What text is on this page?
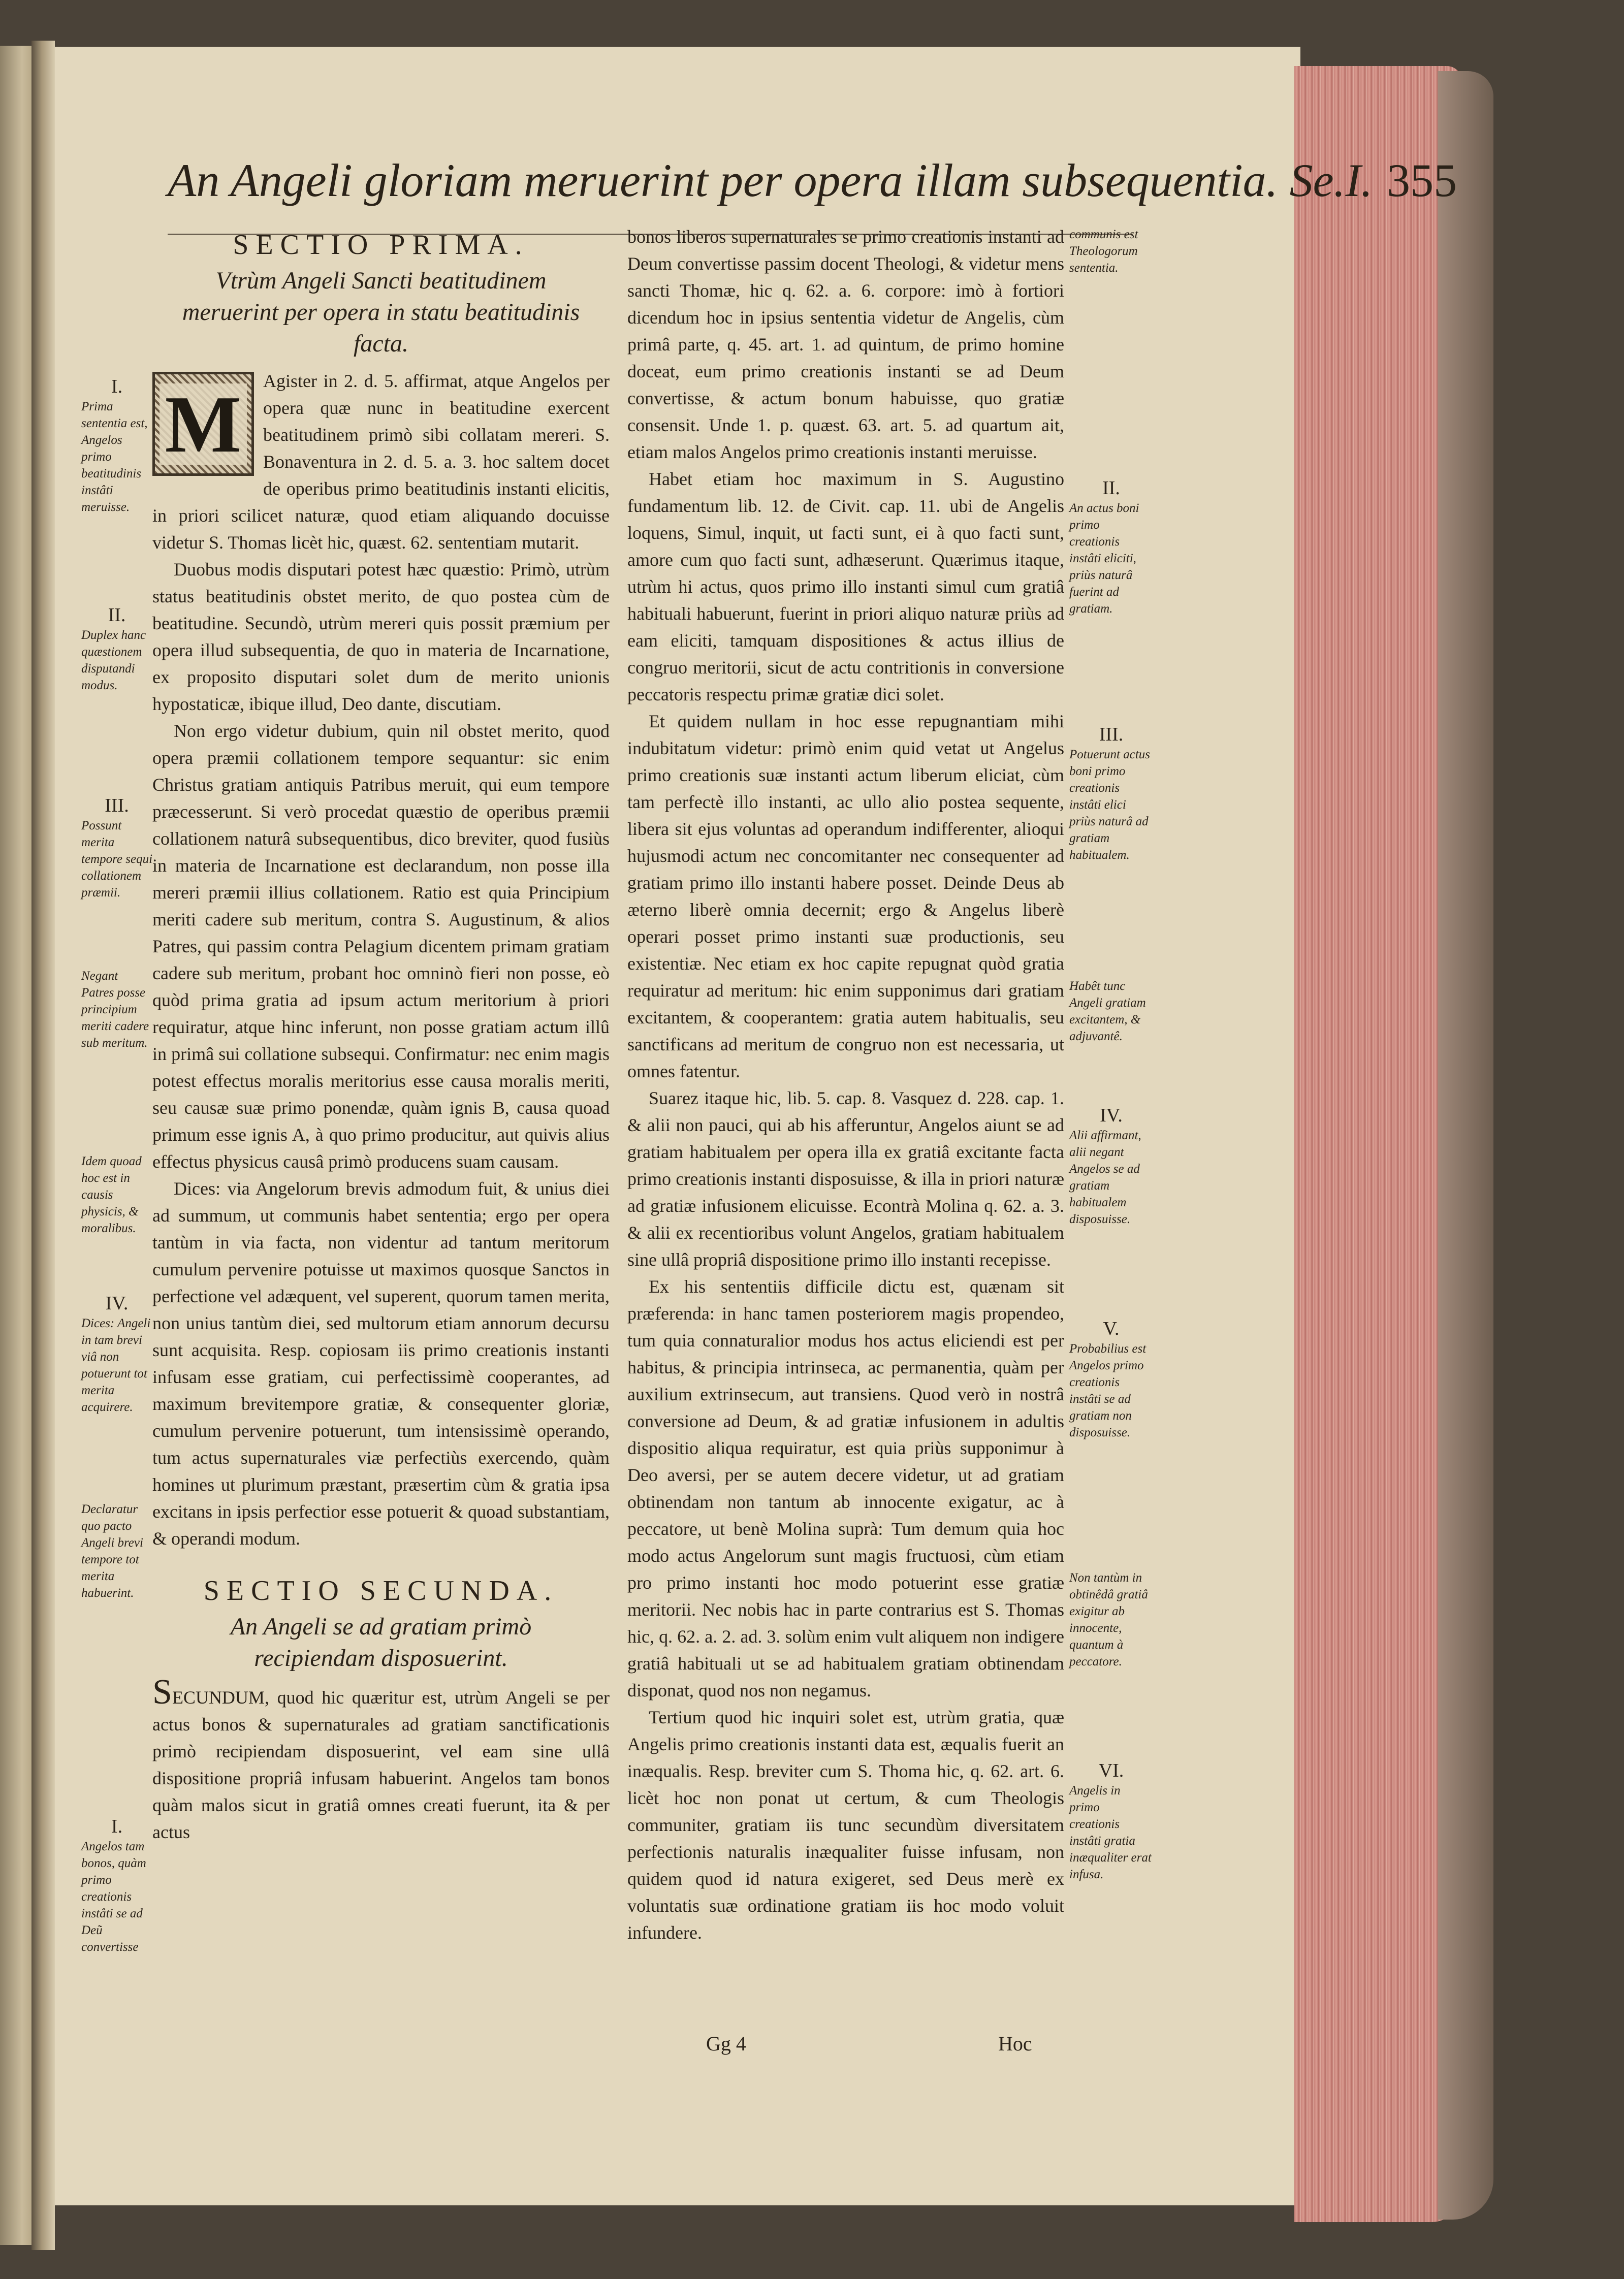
An Angeli gloriam meruerint per opera illam subsequentia. Se.I. 355
I.
Prima sententia est, Angelos primo beatitudinis instâti meruisse.
II.
Duplex hanc quæstionem disputandi modus.
III.
Possunt merita tempore sequi collationem præmii.
Negant Patres posse principium meriti cadere sub meritum.
Idem quoad hoc est in causis physicis, & moralibus.
IV.
Dices: Angeli in tam brevi viâ non potuerunt tot merita acquirere.
Declaratur quo pacto Angeli brevi tempore tot merita habuerint.
I.
Angelos tam bonos, quàm primo creationis instâti se ad Deũ convertisse
SECTIO PRIMA.
Vtrùm Angeli Sancti beatitudinem meruerint per opera in statu beatitudinis facta.

M Agister in 2. d. 5. affirmat, atque Angelos per opera quæ nunc in beatitudine exercent beatitudinem primò sibi collatam mereri. S. Bonaventura in 2. d. 5. a. 3. hoc saltem docet de operibus primo beatitudinis instanti elicitis, in priori scilicet naturæ, quod etiam aliquando docuisse videtur S. Thomas licèt hic, quæst. 62. sententiam mutarit.

Duobus modis disputari potest hæc quæstio: Primò, utrùm status beatitudinis obstet merito, de quo postea cùm de beatitudine. Secundò, utrùm mereri quis possit præmium per opera illud subsequentia, de quo in materia de Incarnatione, ex proposito disputari solet dum de merito unionis hypostaticæ, ibique illud, Deo dante, discutiam.

Non ergo videtur dubium, quin nil obstet merito, quod opera præmii collationem tempore sequantur: sic enim Christus gratiam antiquis Patribus meruit, qui eum tempore præcesserunt. Si verò procedat quæstio de operibus præmii collationem naturâ subsequentibus, dico breviter, quod fusiùs in materia de Incarnatione est declarandum, non posse illa mereri præmii illius collationem. Ratio est quia Principium meriti cadere sub meritum, contra S. Augustinum, & alios Patres, qui passim contra Pelagium dicentem primam gratiam cadere sub meritum, probant hoc omninò fieri non posse, eò quòd prima gratia ad ipsum actum meritorium à priori requiratur, atque hinc inferunt, non posse gratiam actum illû in primâ sui collatione subsequi. Confirmatur: nec enim magis potest effectus moralis meritorius esse causa moralis meriti, seu causæ suæ primo ponendæ, quàm ignis B, causa quoad primum esse ignis A, à quo primo producitur, aut quivis alius effectus physicus causâ primò producens suam causam.

Dices: via Angelorum brevis admodum fuit, & unius diei ad summum, ut communis habet sententia; ergo per opera tantùm in via facta, non videntur ad tantum meritorum cumulum pervenire potuisse ut maximos quosque Sanctos in perfectione vel adæquent, vel superent, quorum tamen merita, non unius tantùm diei, sed multorum etiam annorum decursu sunt acquisita. Resp. copiosam iis primo creationis instanti infusam esse gratiam, cui perfectissimè cooperantes, ad maximum brevitempore gratiæ, & consequenter gloriæ, cumulum pervenire potuerunt, tum intensissimè operando, tum actus supernaturales viæ perfectiùs exercendo, quàm homines ut plurimum præstant, præsertim cùm & gratia ipsa excitans in ipsis perfectior esse potuerit & quoad substantiam, & operandi modum.

SECTIO SECUNDA.
An Angeli se ad gratiam primò recipiendam disposuerint.

SECUNDUM, quod hic quæritur est, utrùm Angeli se per actus bonos & supernaturales ad gratiam sanctificationis primò recipiendam disposuerint, vel eam sine ullâ dispositione propriâ infusam habuerint. Angelos tam bonos quàm malos sicut in gratiâ omnes creati fuerunt, ita & per actus

bonos liberos supernaturales se primo creationis instanti ad Deum convertisse passim docent Theologi, & videtur mens sancti Thomæ, hic q. 62. a. 6. corpore: imò à fortiori dicendum hoc in ipsius sententia videtur de Angelis, cùm primâ parte, q. 45. art. 1. ad quintum, de primo homine doceat, eum primo creationis instanti se ad Deum convertisse, & actum bonum habuisse, quo gratiæ consensit. Unde 1. p. quæst. 63. art. 5. ad quartum ait, etiam malos Angelos primo creationis instanti meruisse.

Habet etiam hoc maximum in S. Augustino fundamentum lib. 12. de Civit. cap. 11. ubi de Angelis loquens, Simul, inquit, ut facti sunt, ei à quo facti sunt, amore cum quo facti sunt, adhæserunt. Quærimus itaque, utrùm hi actus, quos primo illo instanti simul cum gratiâ habituali habuerunt, fuerint in priori aliquo naturæ priùs ad eam eliciti, tamquam dispositiones & actus illius de congruo meritorii, sicut de actu contritionis in conversione peccatoris respectu primæ gratiæ dici solet.

Et quidem nullam in hoc esse repugnantiam mihi indubitatum videtur: primò enim quid vetat ut Angelus primo creationis suæ instanti actum liberum eliciat, cùm tam perfectè illo instanti, ac ullo alio postea sequente, libera sit ejus voluntas ad operandum indifferenter, alioqui hujusmodi actum nec concomitanter nec consequenter ad gratiam primo illo instanti habere posset. Deinde Deus ab æterno liberè omnia decernit; ergo & Angelus liberè operari posset primo instanti suæ productionis, seu existentiæ. Nec etiam ex hoc capite repugnat quòd gratia requiratur ad meritum: hic enim supponimus dari gratiam excitantem, & cooperantem: gratia autem habitualis, seu sanctificans ad meritum de congruo non est necessaria, ut omnes fatentur.

Suarez itaque hic, lib. 5. cap. 8. Vasquez d. 228. cap. 1. & alii non pauci, qui ab his afferuntur, Angelos aiunt se ad gratiam habitualem per opera illa ex gratiâ excitante facta primo creationis instanti disposuisse, & illa in priori naturæ ad gratiæ infusionem elicuisse. Econtrà Molina q. 62. a. 3. & alii ex recentioribus volunt Angelos, gratiam habitualem sine ullâ propriâ dispositione primo illo instanti recepisse.

Ex his sententiis difficile dictu est, quænam sit præferenda: in hanc tamen posteriorem magis propendeo, tum quia connaturalior modus hos actus eliciendi est per habitus, & principia intrinseca, ac permanentia, quàm per auxilium extrinsecum, aut transiens. Quod verò in nostrâ conversione ad Deum, & ad gratiæ infusionem in adultis dispositio aliqua requiratur, est quia priùs supponimur à Deo aversi, per se autem decere videtur, ut ad gratiam obtinendam non tantum ab innocente exigatur, ac à peccatore, ut benè Molina suprà: Tum demum quia hoc modo actus Angelorum sunt magis fructuosi, cùm etiam pro primo instanti hoc modo potuerint esse gratiæ meritorii. Nec nobis hac in parte contrarius est S. Thomas hic, q. 62. a. 2. ad. 3. solùm enim vult aliquem non indigere gratiâ habituali ut se ad habitualem gratiam obtinendam disponat, quod nos non negamus.

Tertium quod hic inquiri solet est, utrùm gratia, quæ Angelis primo creationis instanti data est, æqualis fuerit an inæqualis. Resp. breviter cum S. Thoma hic, q. 62. art. 6. licèt hoc non ponat ut certum, & cum Theologis communiter, gratiam iis tunc secundùm diversitatem perfectionis naturalis inæqualiter fuisse infusam, non quidem quod id natura exigeret, sed Deus merè ex voluntatis suæ ordinatione gratiam iis hoc modo voluit infundere.

communis est Theologorum sententia.
II.
An actus boni primo creationis instâti eliciti, priùs naturâ fuerint ad gratiam.
III.
Potuerunt actus boni primo creationis instâti elici priùs naturâ ad gratiam habitualem.
Habêt tunc Angeli gratiam excitantem, & adjuvantê.
IV.
Alii affirmant, alii negant Angelos se ad gratiam habitualem disposuisse.
V.
Probabilius est Angelos primo creationis instâti se ad gratiam non disposuisse.
Non tantùm in obtinêdâ gratiâ exigitur ab innocente, quantum à peccatore.
VI.
Angelis in primo creationis instâti gratia inæqualiter erat infusa.
Gg 4	Hoc
